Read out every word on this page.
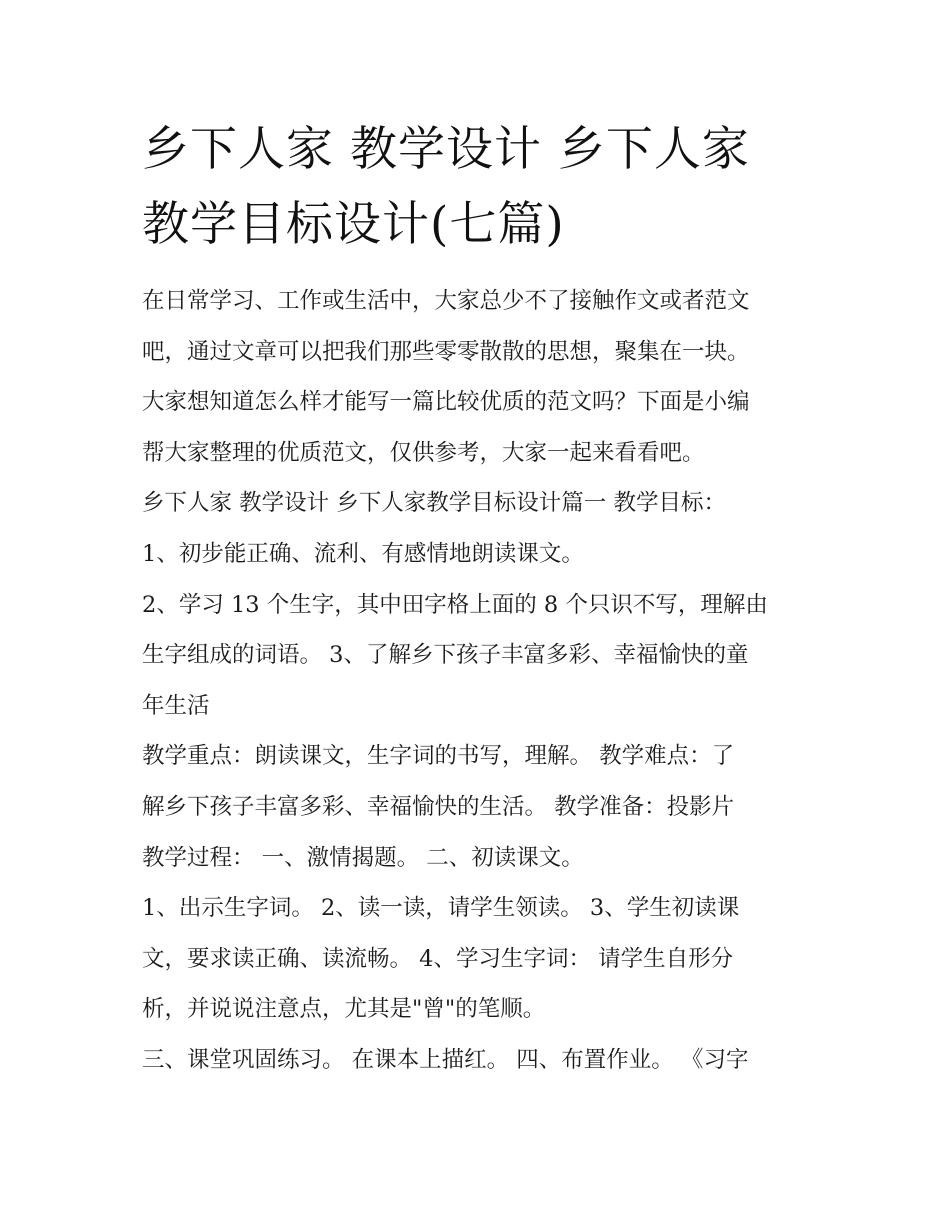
乡下人家 教学设计 乡下人家
教学目标设计(七篇)
在日常学习、工作或生活中，大家总少不了接触作文或者范文
吧，通过文章可以把我们那些零零散散的思想，聚集在一块。
大家想知道怎么样才能写一篇比较优质的范文吗？下面是小编
帮大家整理的优质范文，仅供参考，大家一起来看看吧。
乡下人家 教学设计 乡下人家教学目标设计篇一 教学目标：
1、初步能正确、流利、有感情地朗读课文。
2、学习 13 个生字，其中田字格上面的 8 个只识不写，理解由
生字组成的词语。 3、了解乡下孩子丰富多彩、幸福愉快的童
年生活
教学重点：朗读课文，生字词的书写，理解。 教学难点：了
解乡下孩子丰富多彩、幸福愉快的生活。 教学准备：投影片
教学过程： 一、激情揭题。 二、初读课文。
1、出示生字词。 2、读一读，请学生领读。 3、学生初读课
文，要求读正确、读流畅。 4、学习生字词： 请学生自形分
析，并说说注意点，尤其是"曾"的笔顺。
三、课堂巩固练习。 在课本上描红。 四、布置作业。 《习字
